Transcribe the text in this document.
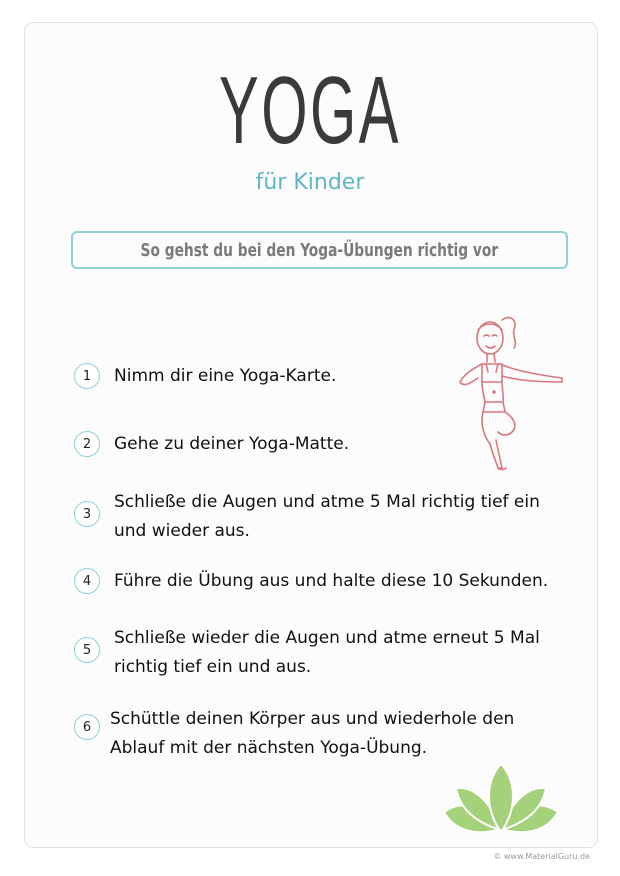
YOGA
für Kinder
So gehst du bei den Yoga-Übungen richtig vor
1	Nimm dir eine Yoga-Karte.
2	Gehe zu deiner Yoga-Matte.
3
Schließe die Augen und atme 5 Mal richtig tief ein
und wieder aus.
4	Führe die Übung aus und halte diese 10 Sekunden.
5
Schließe wieder die Augen und atme erneut 5 Mal
richtig tief ein und aus.
6	Schüttle deinen Körper aus und wiederhole den
Ablauf mit der nächsten Yoga-Übung.
© www.MaterialGuru.de
